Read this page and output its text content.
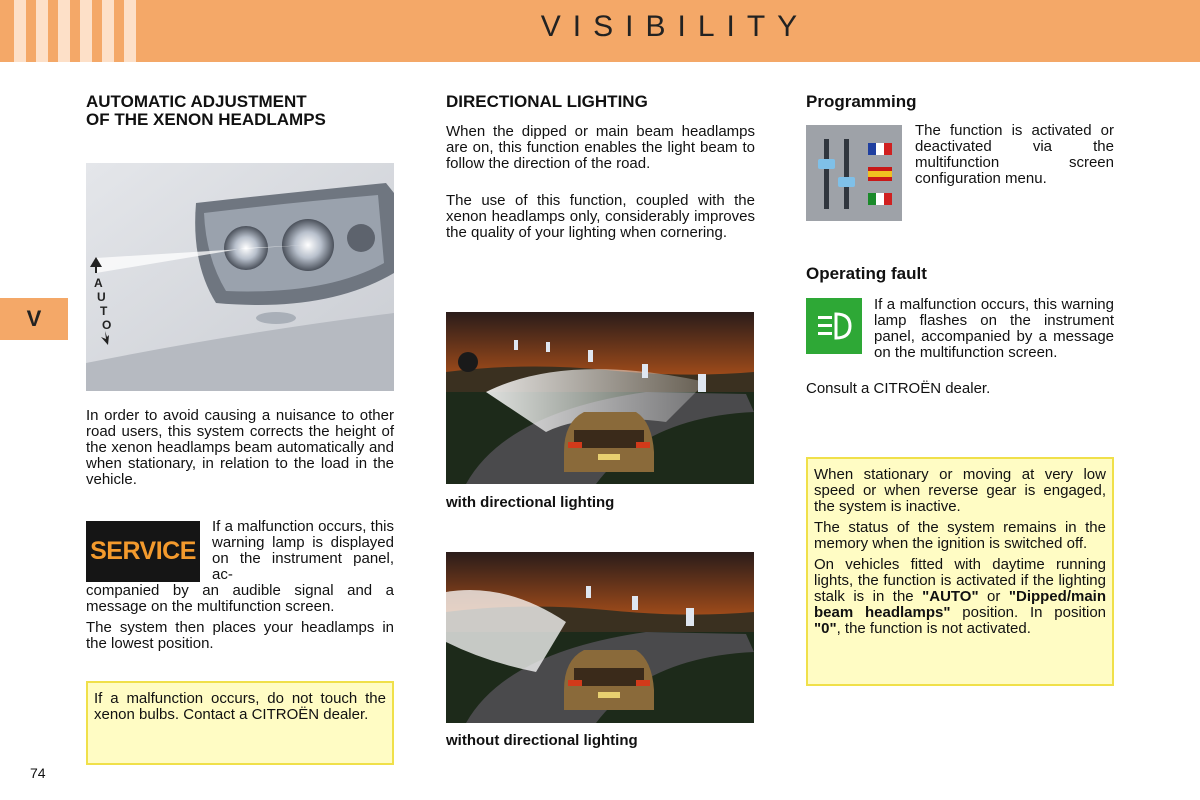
VISIBILITY
V
AUTOMATIC ADJUSTMENT
OF THE XENON HEADLAMPS
A
U
T
O

In order to avoid causing a nuisance to other road users, this system corrects the height of the xenon headlamps beam automatically and when stationary, in relation to the load in the vehicle.

SERVICE

If a malfunction occurs, this warning lamp is displayed on the instrument panel, ac-

companied by an audible signal and a message on the multifunction screen.

The system then places your headlamps in the lowest position.

If a malfunction occurs, do not touch the xenon bulbs. Contact a CITROËN dealer.

DIRECTIONAL LIGHTING

When the dipped or main beam headlamps are on, this function enables the light beam to follow the direction of the road.

The use of this function, coupled with the xenon headlamps only, considerably improves the quality of your lighting when cornering.

with directional lighting
without directional lighting
Programming

The function is activated or deactivated via the multifunction screen configuration menu.

Operating fault

If a malfunction occurs, this warning lamp flashes on the instrument panel, accompanied by a message on the multifunction screen.

Consult a CITROËN dealer.

When stationary or moving at very low speed or when reverse gear is engaged, the system is inactive.

The status of the system remains in the memory when the ignition is switched off.

On vehicles fitted with daytime running lights, the function is activated if the lighting stalk is in the "AUTO" or "Dipped/main beam headlamps" position. In position "0", the function is not activated.

74
